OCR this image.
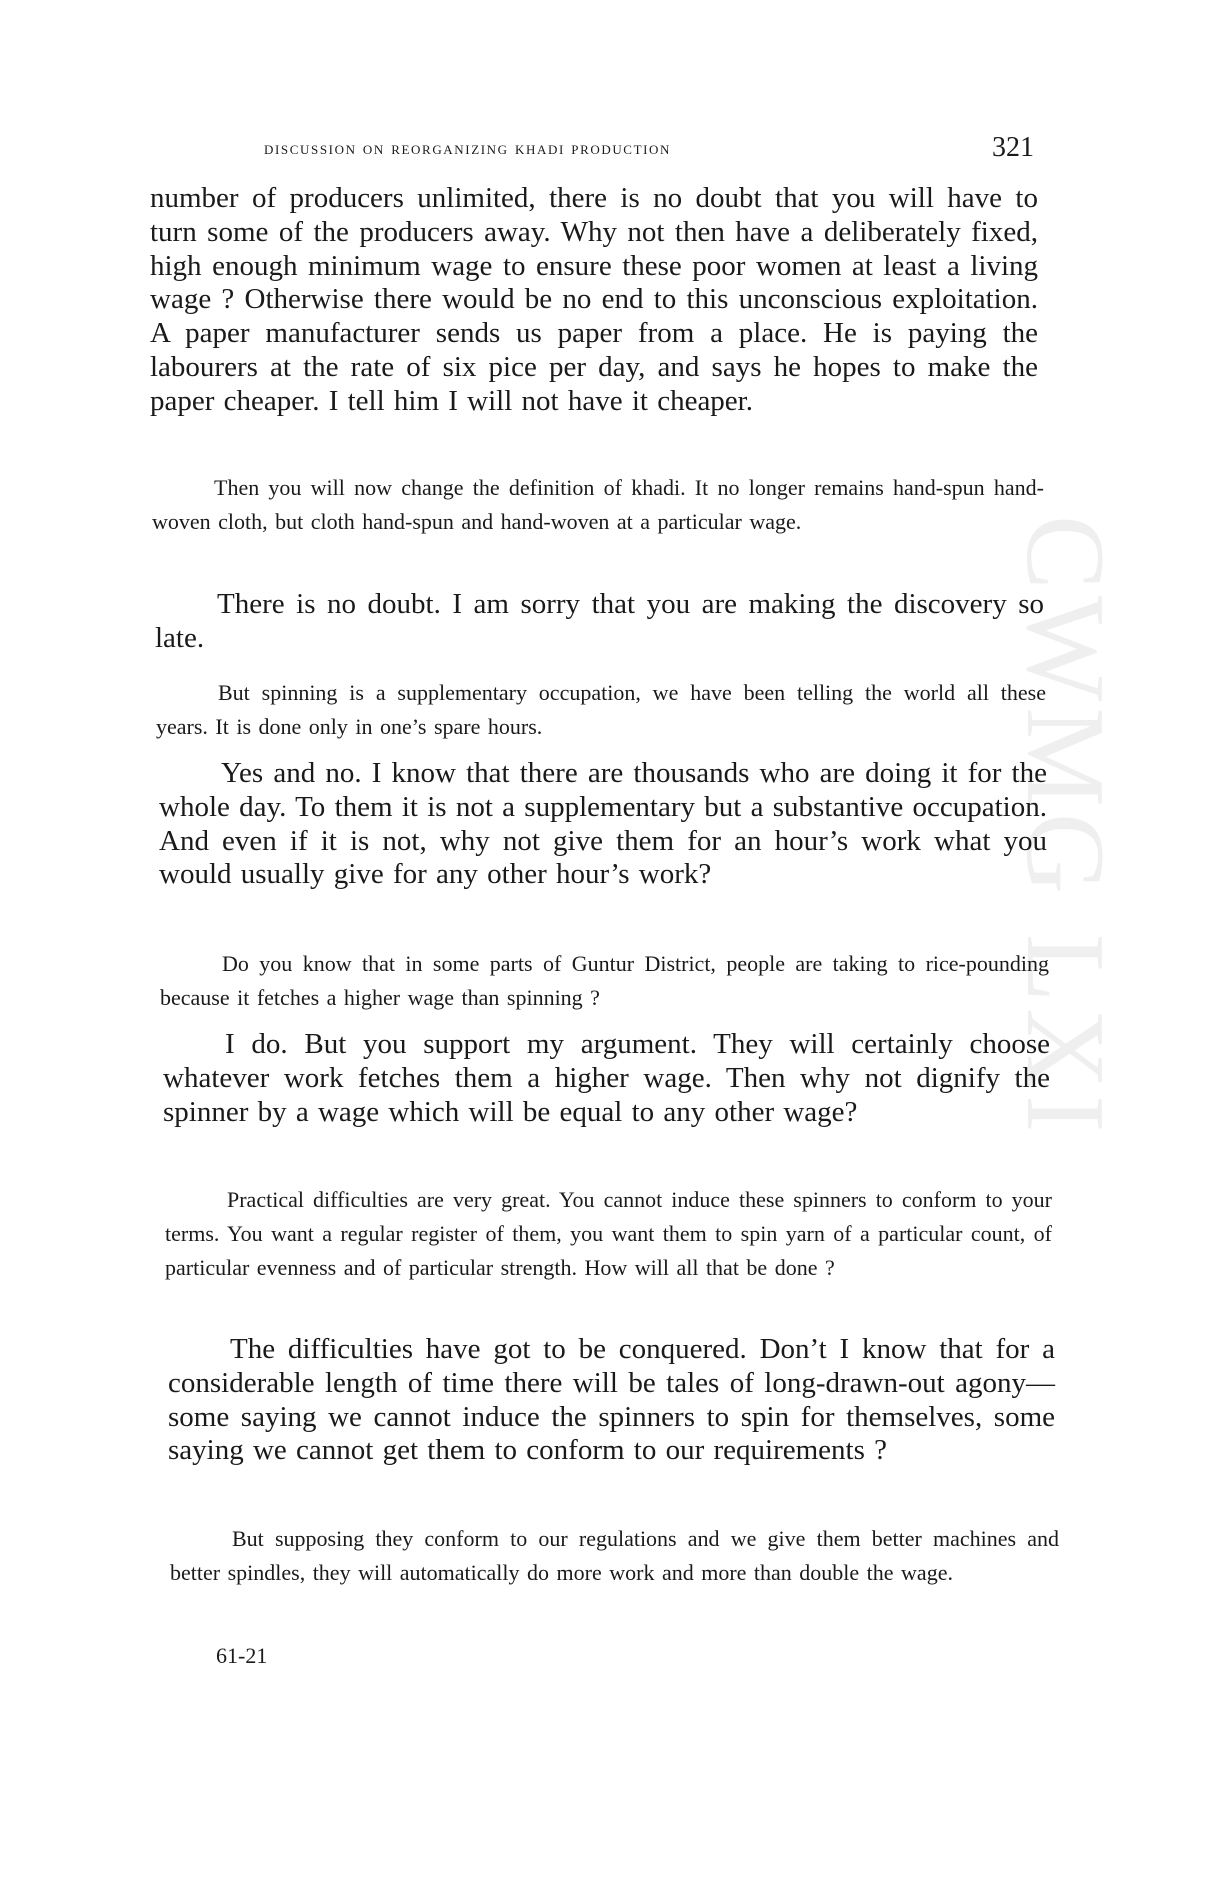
CWMG LXI
discussion on reorganizing khadi production	321

number of producers unlimited, there is no doubt that you will have to turn some of the producers away. Why not then have a deliberately fixed, high enough minimum wage to ensure these poor women at least a living wage ? Otherwise there would be no end to this unconscious exploitation. A paper manufacturer sends us paper from a place. He is paying the labourers at the rate of six pice per day, and says he hopes to make the paper cheaper. I tell him I will not have it cheaper.

Then you will now change the definition of khadi. It no longer remains hand-spun hand-woven cloth, but cloth hand-spun and hand-woven at a particular wage.

There is no doubt. I am sorry that you are making the discovery so late.

But spinning is a supplementary occupation, we have been telling the world all these years. It is done only in one’s spare hours.

Yes and no. I know that there are thousands who are doing it for the whole day. To them it is not a supplementary but a substantive occupation. And even if it is not, why not give them for an hour’s work what you would usually give for any other hour’s work?

Do you know that in some parts of Guntur District, people are taking to rice-pounding because it fetches a higher wage than spinning ?

I do. But you support my argument. They will certainly choose whatever work fetches them a higher wage. Then why not dignify the spinner by a wage which will be equal to any other wage?

Practical difficulties are very great. You cannot induce these spinners to conform to your terms. You want a regular register of them, you want them to spin yarn of a particular count, of particular evenness and of particular strength. How will all that be done ?

The difficulties have got to be conquered. Don’t I know that for a considerable length of time there will be tales of long-drawn-out agony—some saying we cannot induce the spinners to spin for themselves, some saying we cannot get them to conform to our requirements ?

But supposing they conform to our regulations and we give them better machines and better spindles, they will automatically do more work and more than double the wage.

61-21
